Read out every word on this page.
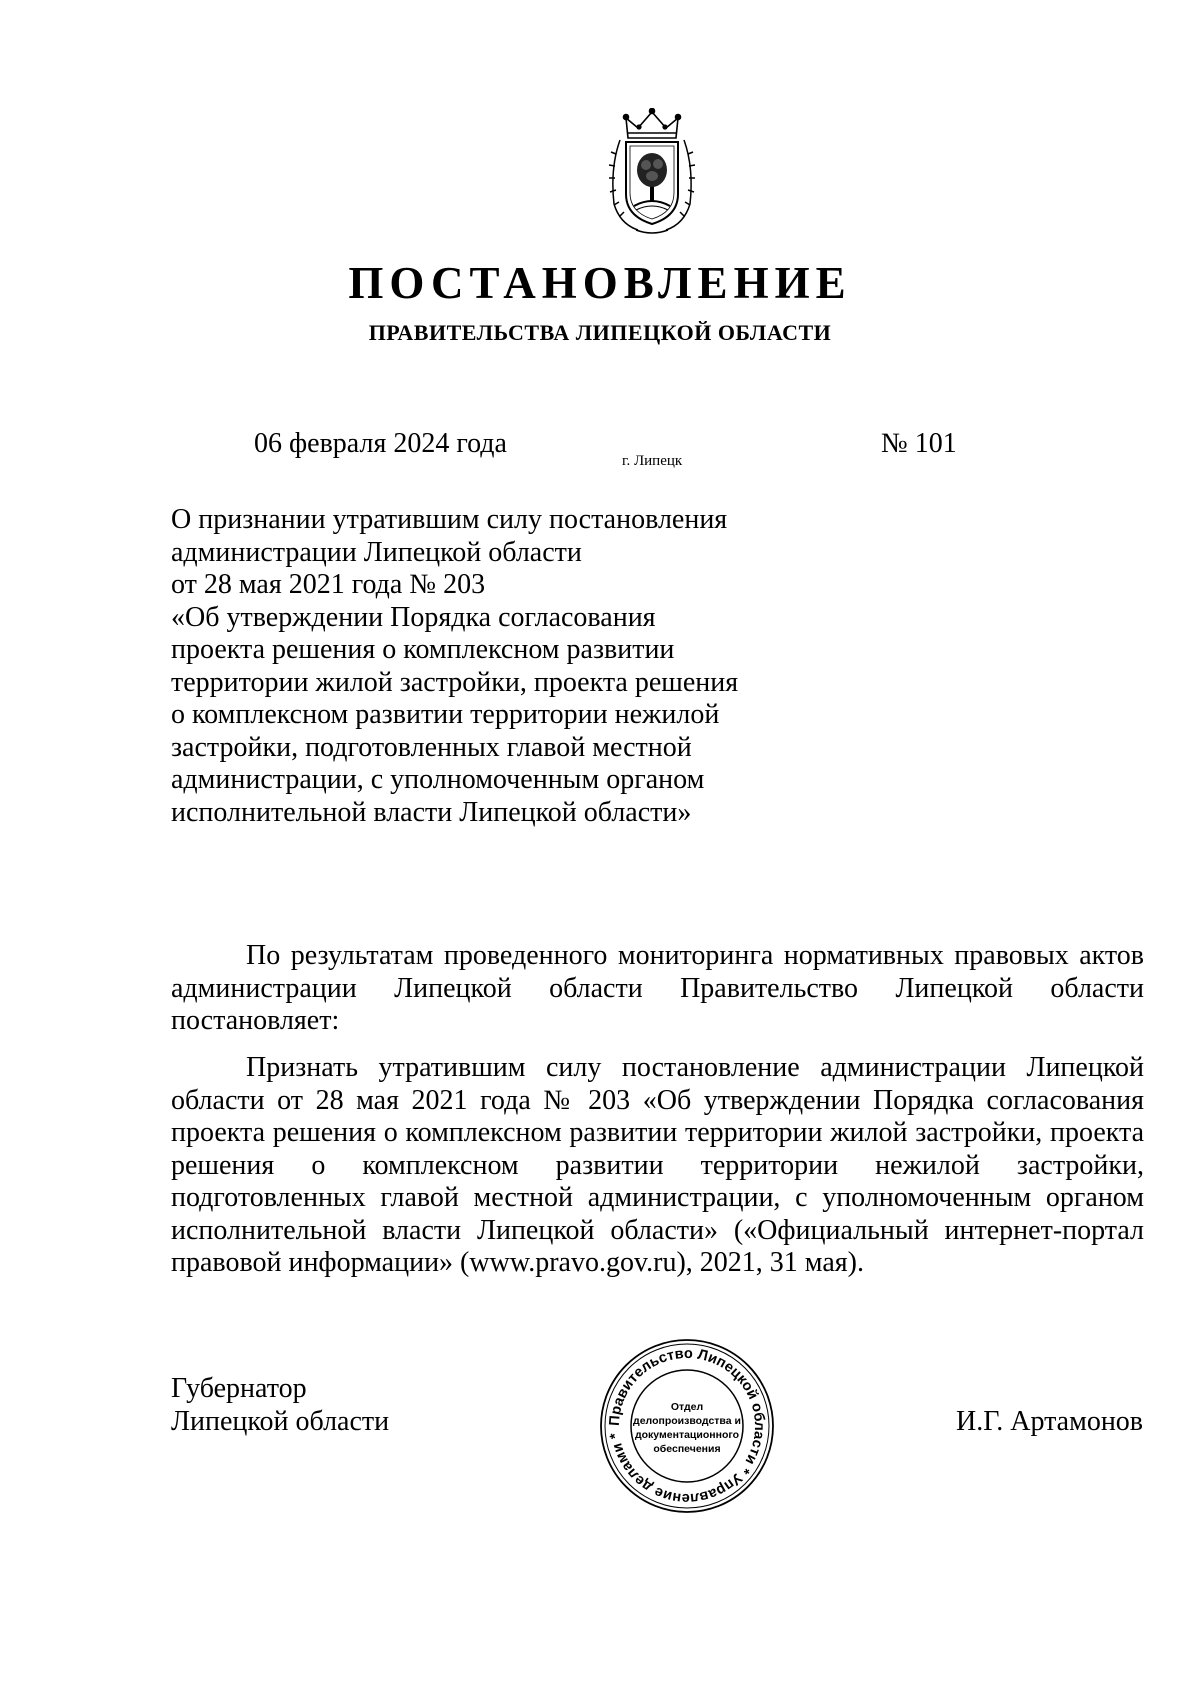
ПОСТАНОВЛЕНИЕ
ПРАВИТЕЛЬСТВА ЛИПЕЦКОЙ ОБЛАСТИ
06 февраля 2024 года
г. Липецк
№ 101
О признании утратившим силу постановления
администрации Липецкой области
от 28 мая 2021 года № 203
«Об утверждении Порядка согласования
проекта решения о комплексном развитии
территории жилой застройки, проекта решения
о комплексном развитии территории нежилой
застройки, подготовленных главой местной
администрации, с уполномоченным органом
исполнительной власти Липецкой области»
По результатам проведенного мониторинга нормативных правовых актов администрации Липецкой области Правительство Липецкой области постановляет:
Признать утратившим силу постановление администрации Липецкой области от 28 мая 2021 года № 203 «Об утверждении Порядка согласования проекта решения о комплексном развитии территории жилой застройки, проекта решения о комплексном развитии территории нежилой застройки, подготовленных главой местной администрации, с уполномоченным органом исполнительной власти Липецкой области» («Официальный интернет-портал правовой информации» (www.pravo.gov.ru), 2021, 31 мая).
Губернатор
Липецкой области	И.Г. Артамонов
Правительство Липецкой области * Управление делами *
Отдел
делопроизводства и
документационного
обеспечения
